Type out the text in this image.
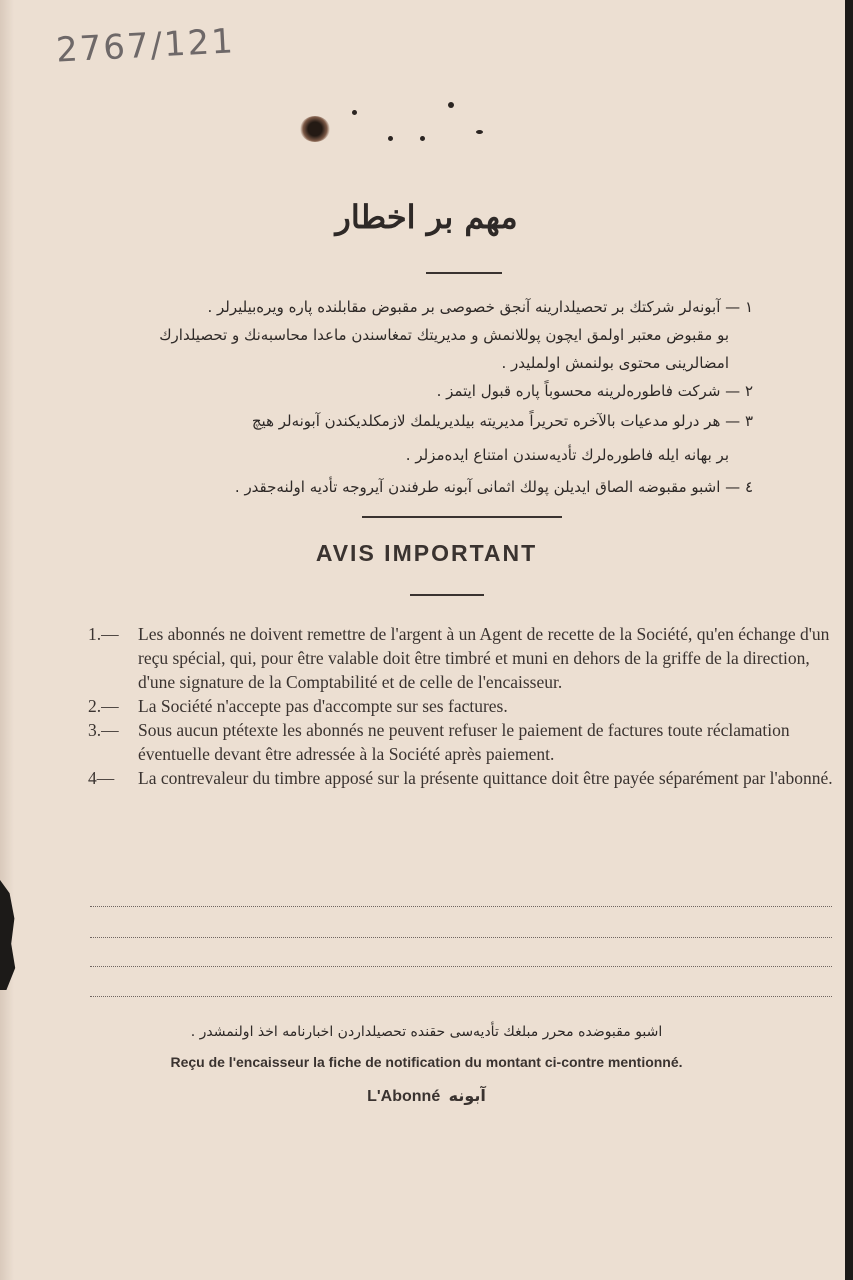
2767/121
مهم بر اخطار
١ — آبونه‌لر شرکتك بر تحصیلدارینه آنجق خصوصی بر مقبوض مقابلنده پاره ویره‌بیلیرلر .
بو مقبوض معتبر اولمق ایچون پوللانمش و مدیریتك تمغاسندن ماعدا محاسبه‌نك و تحصیلدارك
امضالرینی محتوی بولنمش اولملیدر .
٢ — شرکت فاطوره‌لرینه محسوباً پاره قبول ایتمز .
٣ — هر درلو مدعیات بالآخره تحریراً مدیریته بیلدیریلمك لازمکلدیکندن آبونه‌لر هیچ
بر بهانه ایله فاطوره‌لرك تأدیه‌سندن امتناع ایده‌مزلر .
٤ — اشبو مقبوضه الصاق ایدیلن پولك اثمانی آبونه طرفندن آیروجه تأدیه اولنه‌جقدر .
AVIS IMPORTANT

1.— Les abonnés ne doivent remettre de l'argent à un Agent de recette de la Société, qu'en échange d'un reçu spécial, qui, pour être valable doit être timbré et muni en dehors de la griffe de la direction, d'une signature de la Comptabilité et de celle de l'encaisseur.

2.— La Société n'accepte pas d'accompte sur ses factures.

3.— Sous aucun ptétexte les abonnés ne peuvent refuser le paiement de factures toute réclamation éventuelle devant être adressée à la Société après paiement.

4— La contrevaleur du timbre apposé sur la présente quittance doit être payée séparément par l'abonné.

اشبو مقبوضده محرر مبلغك تأدیه‌سی حقنده تحصیلداردن اخبارنامه اخذ اولنمشدر .
Reçu de l'encaisseur la fiche de notification du montant ci-contre mentionné.
L'Abonné آبونه
